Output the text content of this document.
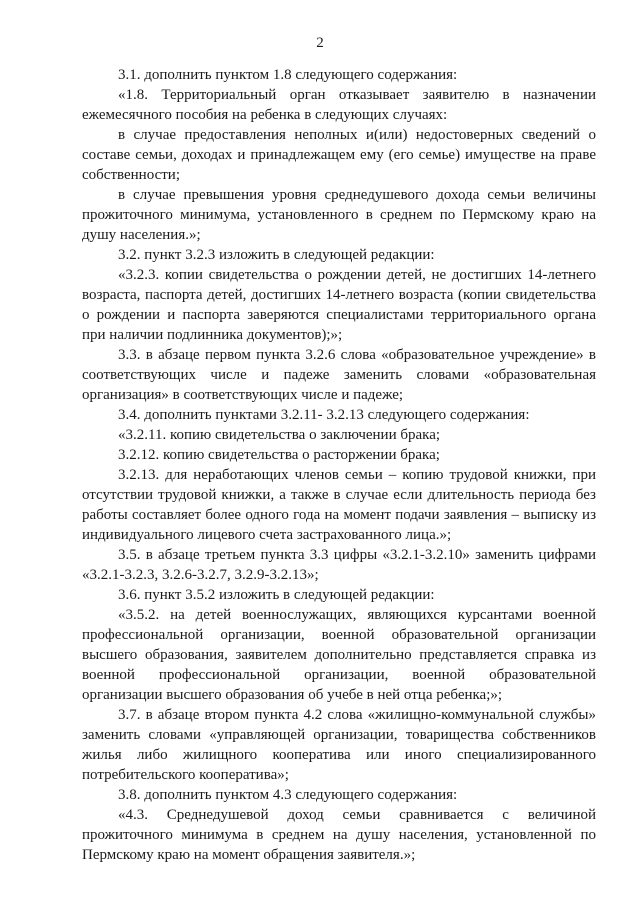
2

3.1. дополнить пунктом 1.8 следующего содержания:

«1.8. Территориальный орган отказывает заявителю в назначении ежемесячного пособия на ребенка в следующих случаях:

в случае предоставления неполных и(или) недостоверных сведений о составе семьи, доходах и принадлежащем ему (его семье) имуществе на праве собственности;

в случае превышения уровня среднедушевого дохода семьи величины прожиточного минимума, установленного в среднем по Пермскому краю на душу населения.»;

3.2. пункт 3.2.3 изложить в следующей редакции:

«3.2.3. копии свидетельства о рождении детей, не достигших 14-летнего возраста, паспорта детей, достигших 14-летнего возраста (копии свидетельства о рождении и паспорта заверяются специалистами территориального органа при наличии подлинника документов);»;

3.3. в абзаце первом пункта 3.2.6 слова «образовательное учреждение» в соответствующих числе и падеже заменить словами «образовательная организация» в соответствующих числе и падеже;

3.4. дополнить пунктами 3.2.11- 3.2.13 следующего содержания:

«3.2.11. копию свидетельства о заключении брака;

3.2.12. копию свидетельства о расторжении брака;

3.2.13. для неработающих членов семьи – копию трудовой книжки, при отсутствии трудовой книжки, а также в случае если длительность периода без работы составляет более одного года на момент подачи заявления – выписку из индивидуального лицевого счета застрахованного лица.»;

3.5. в абзаце третьем пункта 3.3 цифры «3.2.1-3.2.10» заменить цифрами «3.2.1-3.2.3, 3.2.6-3.2.7, 3.2.9-3.2.13»;

3.6. пункт 3.5.2 изложить в следующей редакции:

«3.5.2. на детей военнослужащих, являющихся курсантами военной профессиональной организации, военной образовательной организации высшего образования, заявителем дополнительно представляется справка из военной профессиональной организации, военной образовательной организации высшего образования об учебе в ней отца ребенка;»;

3.7. в абзаце втором пункта 4.2 слова «жилищно-коммунальной службы» заменить словами «управляющей организации, товарищества собственников жилья либо жилищного кооператива или иного специализированного потребительского кооператива»;

3.8. дополнить пунктом 4.3 следующего содержания:

«4.3. Среднедушевой доход семьи сравнивается с величиной прожиточного минимума в среднем на душу населения, установленной по Пермскому краю на момент обращения заявителя.»;
